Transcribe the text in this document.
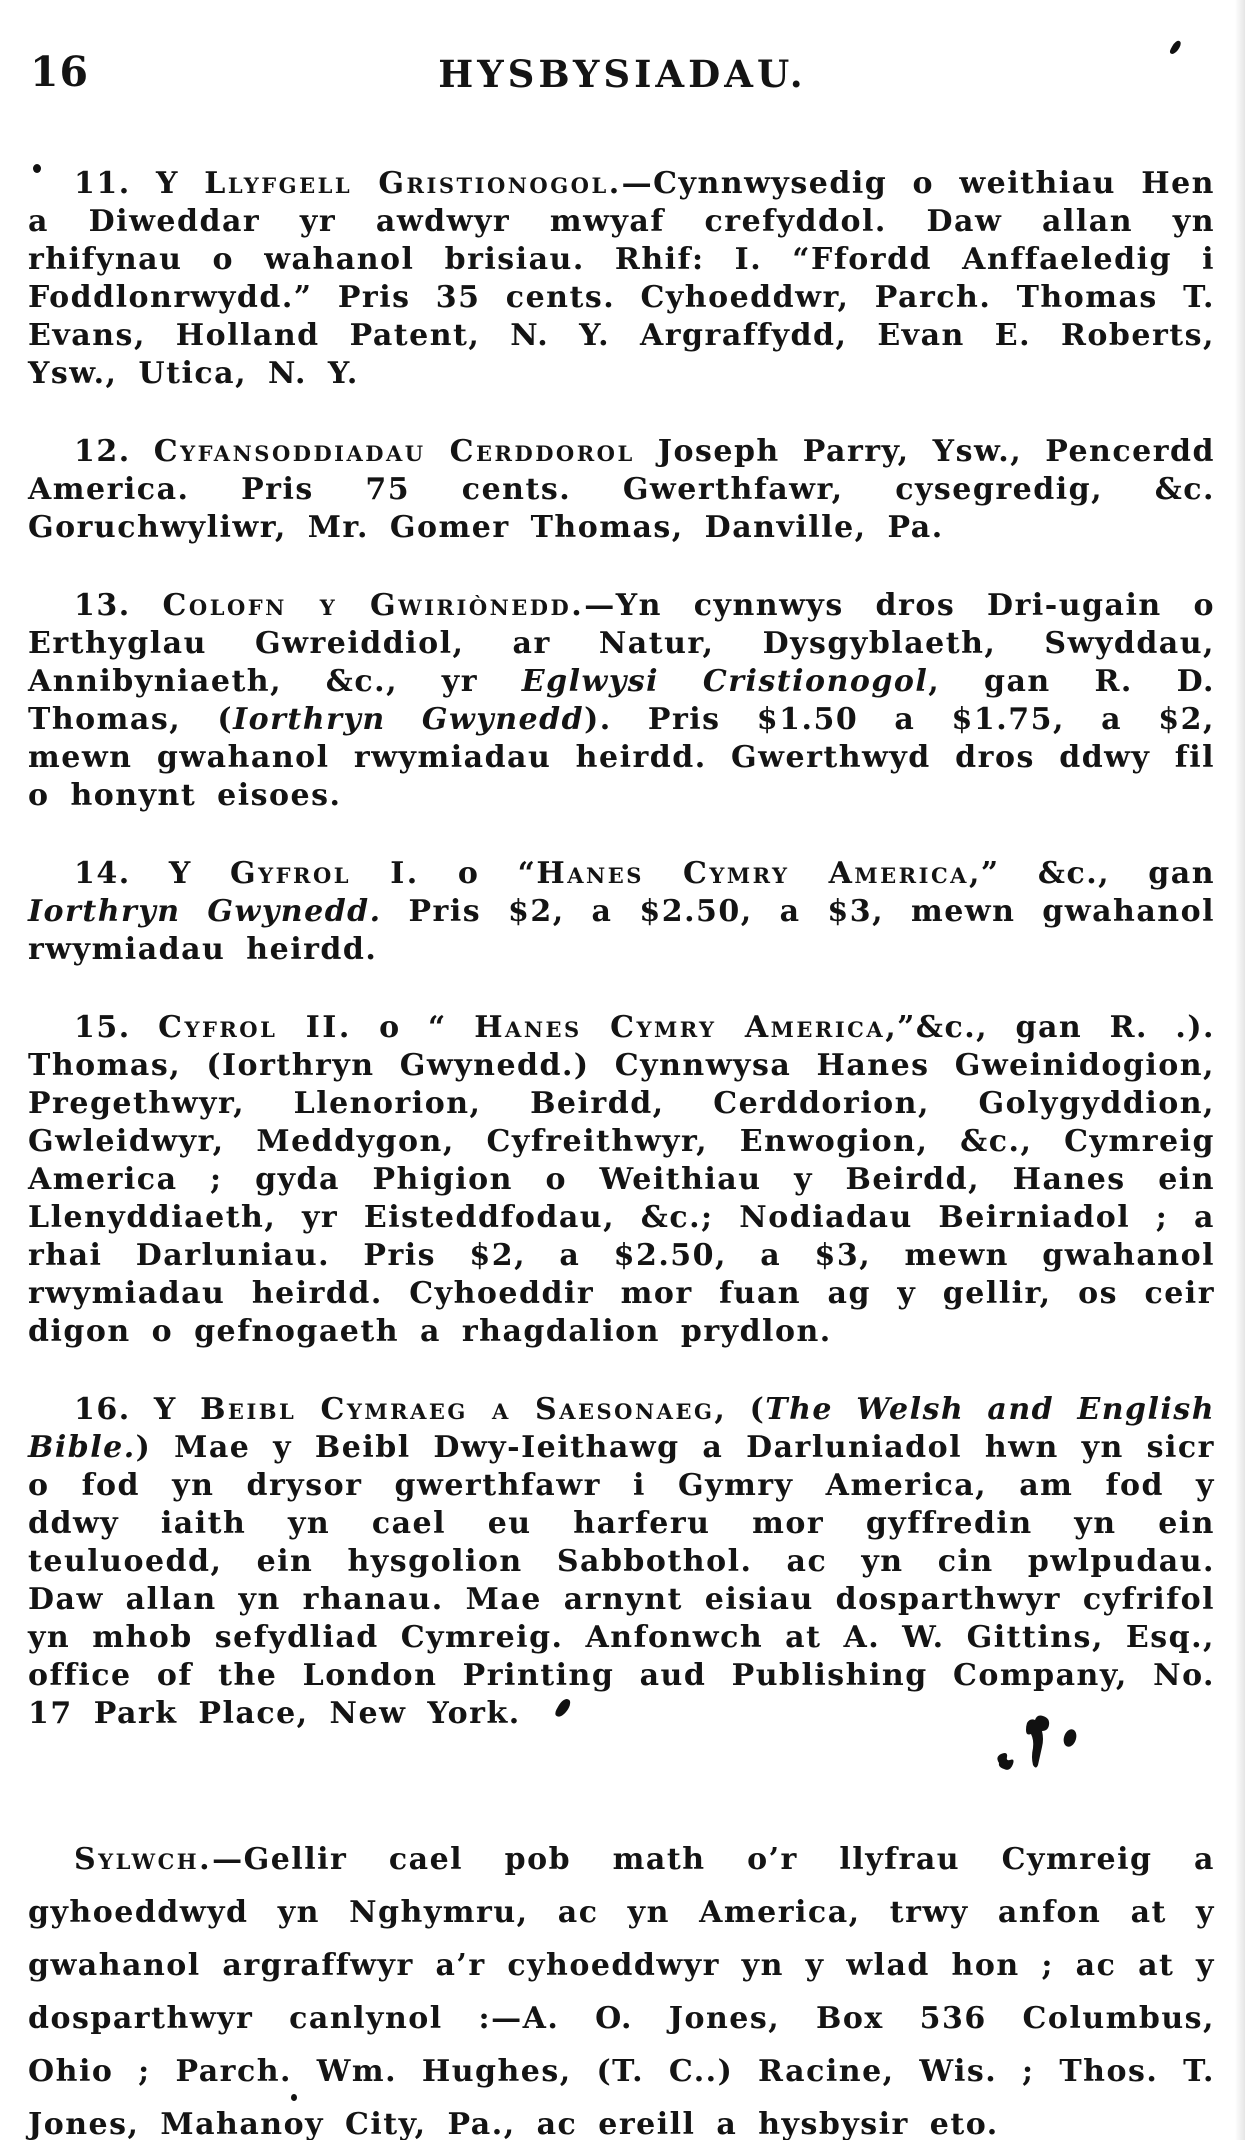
16	HYSBYSIADAU.

11. Y Llyfgell Gristionogol.—Cynnwysedig o weithiau Hen a Diweddar yr awdwyr mwyaf crefyddol. Daw allan yn rhifynau o wahanol brisiau. Rhif: I. “Ffordd Anffaeledig i Foddlonrwydd.” Pris 35 cents. Cyhoeddwr, Parch. Thomas T. Evans, Holland Patent, N. Y. Argraffydd, Evan E. Roberts, Ysw., Utica, N. Y.

12. Cyfansoddiadau Cerddorol Joseph Parry, Ysw., Pencerdd America. Pris 75 cents. Gwerthfawr, cysegredig, &c. Goruchwyliwr, Mr. Gomer Thomas, Danville, Pa.

13. Colofn y Gwiriònedd.—Yn cynnwys dros Dri-ugain o Erthyglau Gwreiddiol, ar Natur, Dysgyblaeth, Swyddau, Annibyniaeth, &c., yr Eglwysi Cristionogol, gan R. D. Thomas, (Iorthryn Gwynedd). Pris $1.50 a $1.75, a $2, mewn gwahanol rwymiadau heirdd. Gwerthwyd dros ddwy fil o honynt eisoes.

14. Y Gyfrol I. o “Hanes Cymry America,” &c., gan Iorthryn Gwynedd. Pris $2, a $2.50, a $3, mewn gwahanol rwymiadau heirdd.

15. Cyfrol II. o “ Hanes Cymry America,”&c., gan R. .). Thomas, (Iorthryn Gwynedd.) Cynnwysa Hanes Gweinidogion, Pregethwyr, Llenorion, Beirdd, Cerddorion, Golygyddion, Gwleidwyr, Meddygon, Cyfreithwyr, Enwogion, &c., Cymreig America ; gyda Phigion o Weithiau y Beirdd, Hanes ein Llenyddiaeth, yr Eisteddfodau, &c.; Nodiadau Beirniadol ; a rhai Darluniau. Pris $2, a $2.50, a $3, mewn gwahanol rwymiadau heirdd. Cyhoeddir mor fuan ag y gellir, os ceir digon o gefnogaeth a rhagdalion prydlon.

16. Y Beibl Cymraeg a Saesonaeg, (The Welsh and English Bible.) Mae y Beibl Dwy-Ieithawg a Darluniadol hwn yn sicr o fod yn drysor gwerthfawr i Gymry America, am fod y ddwy iaith yn cael eu harferu mor gyffredin yn ein teuluoedd, ein hysgolion Sabbothol. ac yn cin pwlpudau. Daw allan yn rhanau. Mae arnynt eisiau dosparthwyr cyfrifol yn mhob sefydliad Cymreig. Anfonwch at A. W. Gittins, Esq., office of the London Printing aud Publishing Company, No. 17 Park Place, New York.

Sylwch.—Gellir cael pob math o’r llyfrau Cymreig a gyhoeddwyd yn Nghymru, ac yn America, trwy anfon at y gwahanol argraffwyr a’r cyhoeddwyr yn y wlad hon ; ac at y dosparthwyr canlynol :—A. O. Jones, Box 536 Columbus, Ohio ; Parch. Wm. Hughes, (T. C..) Racine, Wis. ; Thos. T. Jones, Mahanoy City, Pa., ac ereill a hysbysir eto.
